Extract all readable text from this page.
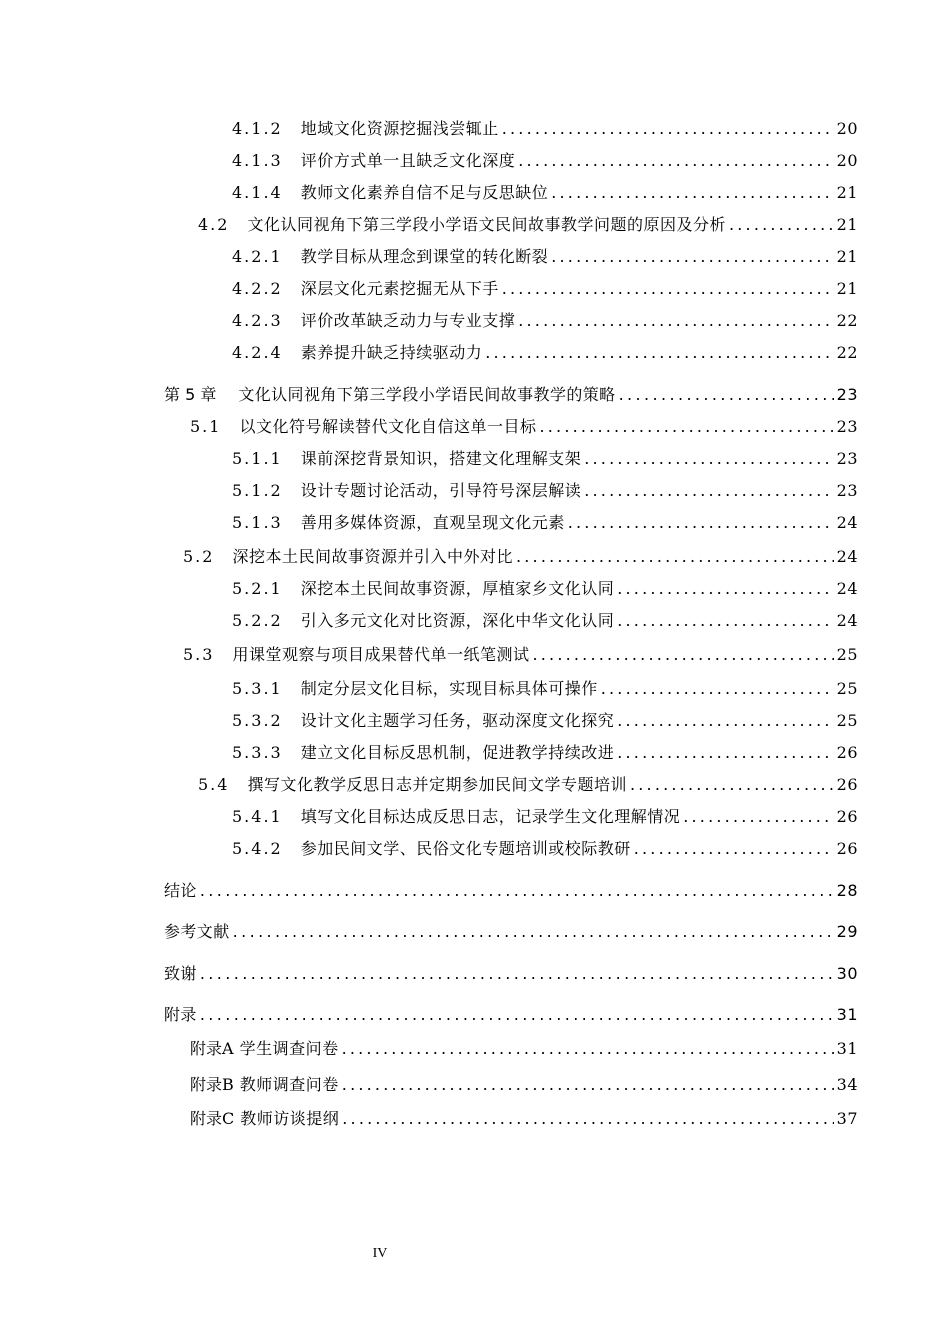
4.1.2 地域文化资源挖掘浅尝辄止 .....	20
4.1.3 评价方式单一且缺乏文化深度 .....	20
4.1.4 教师文化素养自信不足与反思缺位 .....	21
4.2 文化认同视角下第三学段小学语文民间故事教学问题的原因及分析 .....	21
4.2.1 教学目标从理念到课堂的转化断裂 .....	21
4.2.2 深层文化元素挖掘无从下手 .....	21
4.2.3 评价改革缺乏动力与专业支撑 .....	22
4.2.4 素养提升缺乏持续驱动力 .....	22
第 5 章 文化认同视角下第三学段小学语民间故事教学的策略 .....	23
5.1 以文化符号解读替代文化自信这单一目标 .....	23
5.1.1 课前深挖背景知识，搭建文化理解支架 .....	23
5.1.2 设计专题讨论活动，引导符号深层解读 .....	23
5.1.3 善用多媒体资源，直观呈现文化元素 .....	24
5.2 深挖本土民间故事资源并引入中外对比 .....	24
5.2.1 深挖本土民间故事资源，厚植家乡文化认同 .....	24
5.2.2 引入多元文化对比资源，深化中华文化认同 .....	24
5.3 用课堂观察与项目成果替代单一纸笔测试 .....	25
5.3.1 制定分层文化目标，实现目标具体可操作 .....	25
5.3.2 设计文化主题学习任务，驱动深度文化探究 .....	25
5.3.3 建立文化目标反思机制，促进教学持续改进 .....	26
5.4 撰写文化教学反思日志并定期参加民间文学专题培训 .....	26
5.4.1 填写文化目标达成反思日志，记录学生文化理解情况 .....	26
5.4.2 参加民间文学、民俗文化专题培训或校际教研 .....	26
结论 .....	28
参考文献 .....	29
致谢 .....	30
附录 .....	31
附录A 学生调查问卷 .....	31
附录B 教师调查问卷 .....	34
附录C 教师访谈提纲 .....	37
IV
